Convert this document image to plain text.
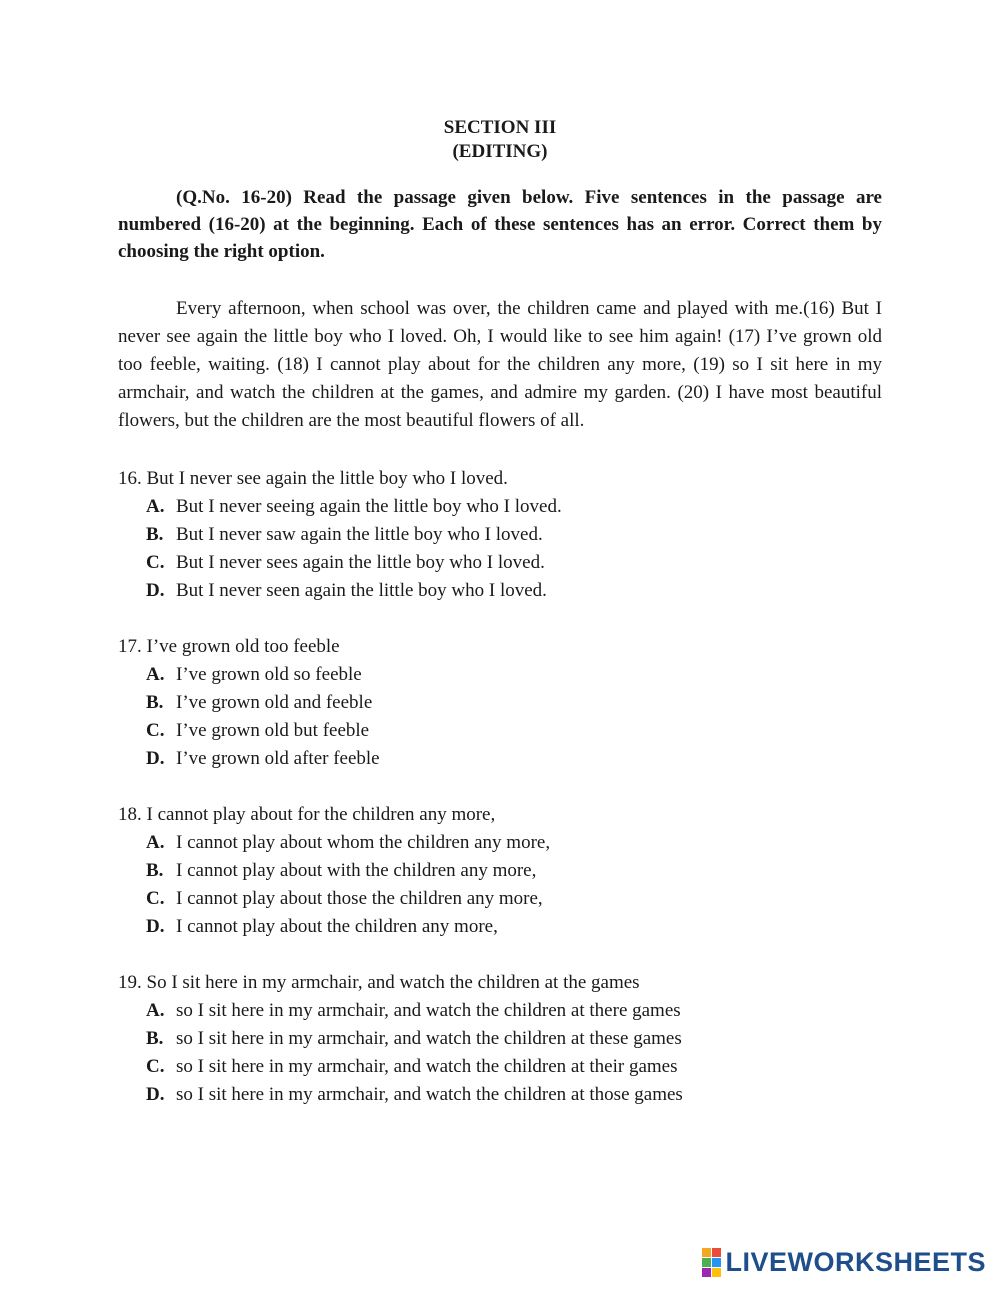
SECTION III

(EDITING)

(Q.No. 16-20) Read the passage given below. Five sentences in the passage are numbered (16-20) at the beginning. Each of these sentences has an error. Correct them by choosing the right option.

Every afternoon, when school was over, the children came and played with me.(16) But I never see again the little boy who I loved. Oh, I would like to see him again! (17) I’ve grown old too feeble, waiting. (18) I cannot play about for the children any more, (19) so I sit here in my armchair, and watch the children at the games, and admire my garden. (20) I have most beautiful flowers, but the children are the most beautiful flowers of all.

16. But I never see again the little boy who I loved.

A. But I never seeing again the little boy who I loved.
B. But I never saw again the little boy who I loved.
C. But I never sees again the little boy who I loved.
D. But I never seen again the little boy who I loved.

17. I’ve grown old too feeble

A. I’ve grown old so feeble
B. I’ve grown old and feeble
C. I’ve grown old but feeble
D. I’ve grown old after feeble

18. I cannot play about for the children any more,

A. I cannot play about whom the children any more,
B. I cannot play about with the children any more,
C. I cannot play about those the children any more,
D. I cannot play about the children any more,

19. So I sit here in my armchair, and watch the children at the games

A. so I sit here in my armchair, and watch the children at there games
B. so I sit here in my armchair, and watch the children at these games
C. so I sit here in my armchair, and watch the children at their games
D. so I sit here in my armchair, and watch the children at those games
LIVEWORKSHEETS
